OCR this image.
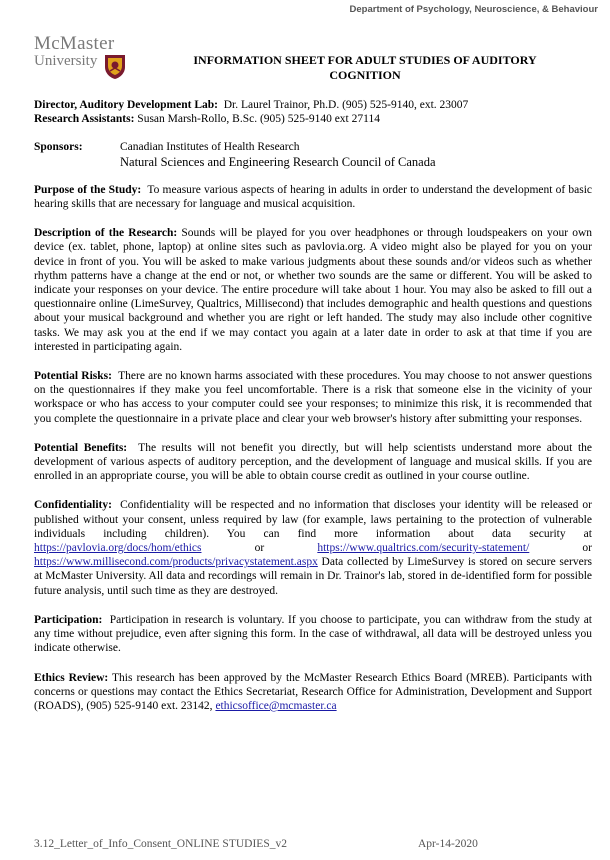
Department of Psychology, Neuroscience, & Behaviour
McMaster
University	INFORMATION SHEET FOR ADULT STUDIES OF AUDITORY COGNITION
Director, Auditory Development Lab: Dr. Laurel Trainor, Ph.D. (905) 525-9140, ext. 23007
Research Assistants: Susan Marsh-Rollo, B.Sc. (905) 525-9140 ext 27114
Sponsors:	Canadian Institutes of Health Research
Natural Sciences and Engineering Research Council of Canada

Purpose of the Study: To measure various aspects of hearing in adults in order to understand the development of basic hearing skills that are necessary for language and musical acquisition.

Description of the Research: Sounds will be played for you over headphones or through loudspeakers on your own device (ex. tablet, phone, laptop) at online sites such as pavlovia.org. A video might also be played for you on your device in front of you. You will be asked to make various judgments about these sounds and/or videos such as whether rhythm patterns have a change at the end or not, or whether two sounds are the same or different. You will be asked to indicate your responses on your device. The entire procedure will take about 1 hour. You may also be asked to fill out a questionnaire online (LimeSurvey, Qualtrics, Millisecond) that includes demographic and health questions and questions about your musical background and whether you are right or left handed. The study may also include other cognitive tasks. We may ask you at the end if we may contact you again at a later date in order to ask at that time if you are interested in participating again.

Potential Risks: There are no known harms associated with these procedures. You may choose to not answer questions on the questionnaires if they make you feel uncomfortable. There is a risk that someone else in the vicinity of your workspace or who has access to your computer could see your responses; to minimize this risk, it is recommended that you complete the questionnaire in a private place and clear your web browser's history after submitting your responses.

Potential Benefits: The results will not benefit you directly, but will help scientists understand more about the development of various aspects of auditory perception, and the development of language and musical skills. If you are enrolled in an appropriate course, you will be able to obtain course credit as outlined in your course outline.

Confidentiality: Confidentiality will be respected and no information that discloses your identity will be released or published without your consent, unless required by law (for example, laws pertaining to the protection of vulnerable individuals including children). You can find more information about data security at https://pavlovia.org/docs/hom/ethics	or	https://www.qualtrics.com/security-statement/	or https://www.millisecond.com/products/privacystatement.aspx Data collected by LimeSurvey is stored on secure servers at McMaster University. All data and recordings will remain in Dr. Trainor's lab, stored in de-identified form for possible future analysis, until such time as they are destroyed.

Participation: Participation in research is voluntary. If you choose to participate, you can withdraw from the study at any time without prejudice, even after signing this form. In the case of withdrawal, all data will be destroyed unless you indicate otherwise.

Ethics Review: This research has been approved by the McMaster Research Ethics Board (MREB). Participants with concerns or questions may contact the Ethics Secretariat, Research Office for Administration, Development and Support (ROADS), (905) 525-9140 ext. 23142, ethicsoffice@mcmaster.ca

3.12_Letter_of_Info_Consent_ONLINE STUDIES_v2	Apr-14-2020
